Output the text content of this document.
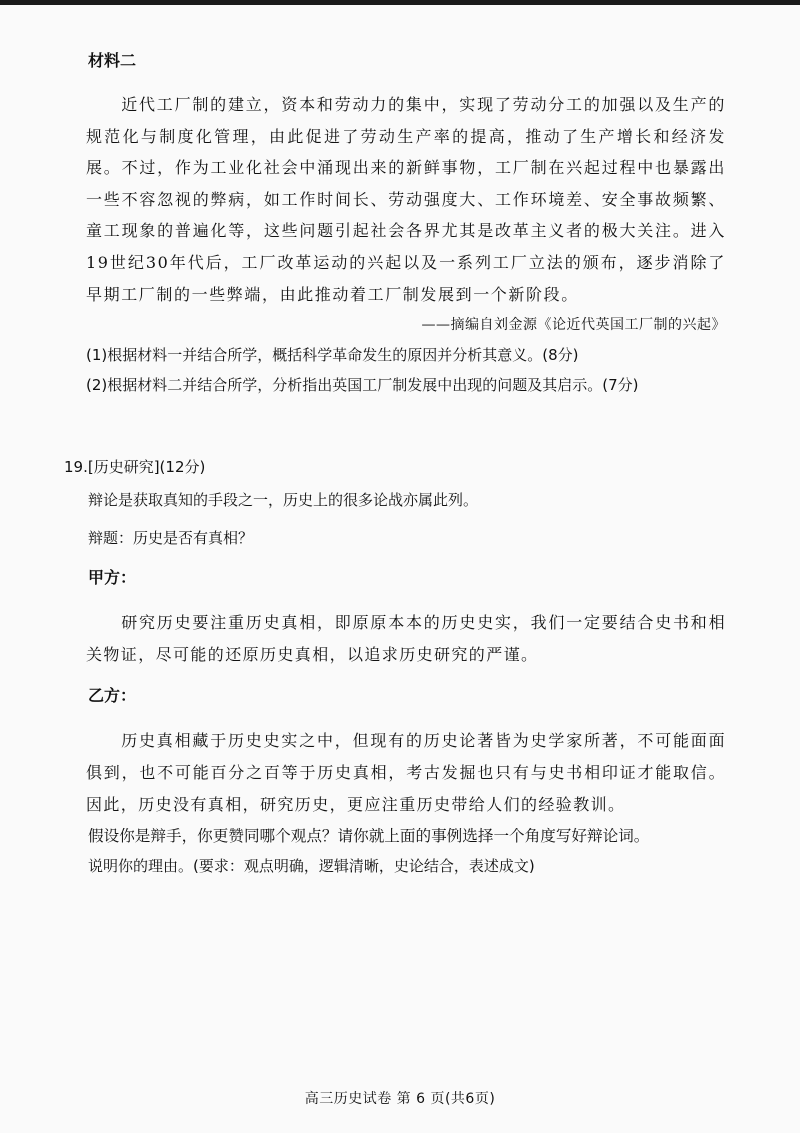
材料二

近代工厂制的建立，资本和劳动力的集中，实现了劳动分工的加强以及生产的规范化与制度化管理，由此促进了劳动生产率的提高，推动了生产增长和经济发展。不过，作为工业化社会中涌现出来的新鲜事物，工厂制在兴起过程中也暴露出一些不容忽视的弊病，如工作时间长、劳动强度大、工作环境差、安全事故频繁、童工现象的普遍化等，这些问题引起社会各界尤其是改革主义者的极大关注。进入19世纪30年代后，工厂改革运动的兴起以及一系列工厂立法的颁布，逐步消除了早期工厂制的一些弊端，由此推动着工厂制发展到一个新阶段。

——摘编自刘金源《论近代英国工厂制的兴起》

(1)根据材料一并结合所学，概括科学革命发生的原因并分析其意义。(8分)

(2)根据材料二并结合所学，分析指出英国工厂制发展中出现的问题及其启示。(7分)

19.[历史研究](12分)

辩论是获取真知的手段之一，历史上的很多论战亦属此列。

辩题：历史是否有真相？

甲方：

研究历史要注重历史真相，即原原本本的历史史实，我们一定要结合史书和相关物证，尽可能的还原历史真相，以追求历史研究的严谨。

乙方：

历史真相藏于历史史实之中，但现有的历史论著皆为史学家所著，不可能面面俱到，也不可能百分之百等于历史真相，考古发掘也只有与史书相印证才能取信。因此，历史没有真相，研究历史，更应注重历史带给人们的经验教训。

假设你是辩手，你更赞同哪个观点？请你就上面的事例选择一个角度写好辩论词。

说明你的理由。(要求：观点明确，逻辑清晰，史论结合，表述成文)

高三历史试卷 第 6 页(共6页)
